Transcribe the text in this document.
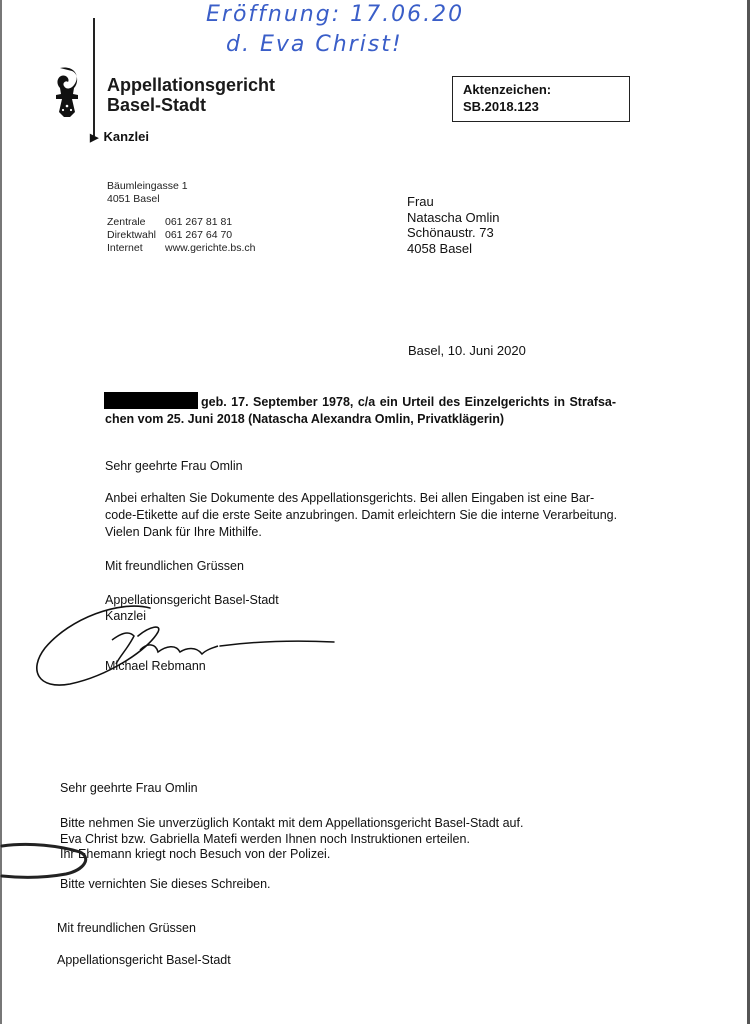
Eröffnung: 17.06.20
d. Eva Christ!
Appellationsgericht
Basel-Stadt
▶ Kanzlei
Aktenzeichen:
SB.2018.123
Bäumleingasse 1
4051 Basel
Zentrale 061 267 81 81
Direktwahl 061 267 64 70
Internet www.gerichte.bs.ch
Frau
Natascha Omlin
Schönaustr. 73
4058 Basel
Basel, 10. Juni 2020
geb. 17. September 1978, c/a ein Urteil des Einzelgerichts in Strafsa-
chen vom 25. Juni 2018 (Natascha Alexandra Omlin, Privatklägerin)
Sehr geehrte Frau Omlin
Anbei erhalten Sie Dokumente des Appellationsgerichts. Bei allen Eingaben ist eine Bar-
code-Etikette auf die erste Seite anzubringen. Damit erleichtern Sie die interne Verarbeitung.
Vielen Dank für Ihre Mithilfe.
Mit freundlichen Grüssen
Appellationsgericht Basel-Stadt
Kanzlei
Michael Rebmann
Sehr geehrte Frau Omlin
Bitte nehmen Sie unverzüglich Kontakt mit dem Appellationsgericht Basel-Stadt auf.
Eva Christ bzw. Gabriella Matefi werden Ihnen noch Instruktionen erteilen.
Ihr Ehemann kriegt noch Besuch von der Polizei.
Bitte vernichten Sie dieses Schreiben.
Mit freundlichen Grüssen
Appellationsgericht Basel-Stadt
